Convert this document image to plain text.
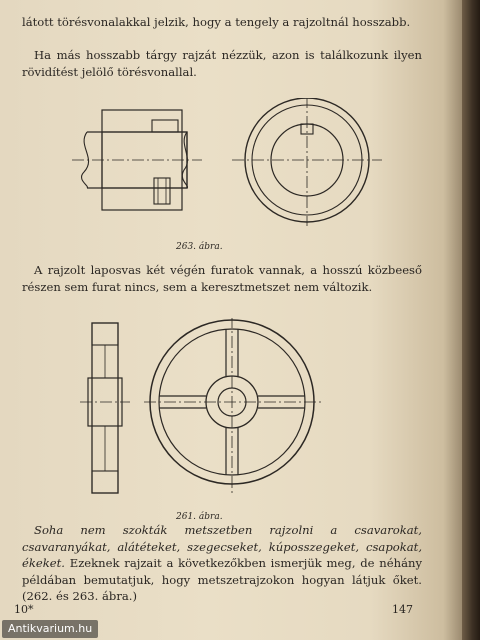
látott törésvonalakkal jelzik, hogy a tengely a rajzoltnál hosszabb.

Ha más hosszabb tárgy rajzát nézzük, azon is találkozunk ilyen rövidítést jelölő törésvonallal.

263. ábra.

A rajzolt laposvas két végén furatok vannak, a hosszú közbeeső részen sem furat nincs, sem a keresztmetszet nem változik.

261. ábra.

Soha nem szokták metszetben rajzolni a csavarokat, csavaranyákat, alátéteket, szegecseket, kúposszegeket, csapokat, ékeket. Ezeknek rajzait a következőkben ismerjük meg, de néhány példában bemutatjuk, hogy metszetrajzokon hogyan látjuk őket. (262. és 263. ábra.)

10*	147
Antikvarium.hu
